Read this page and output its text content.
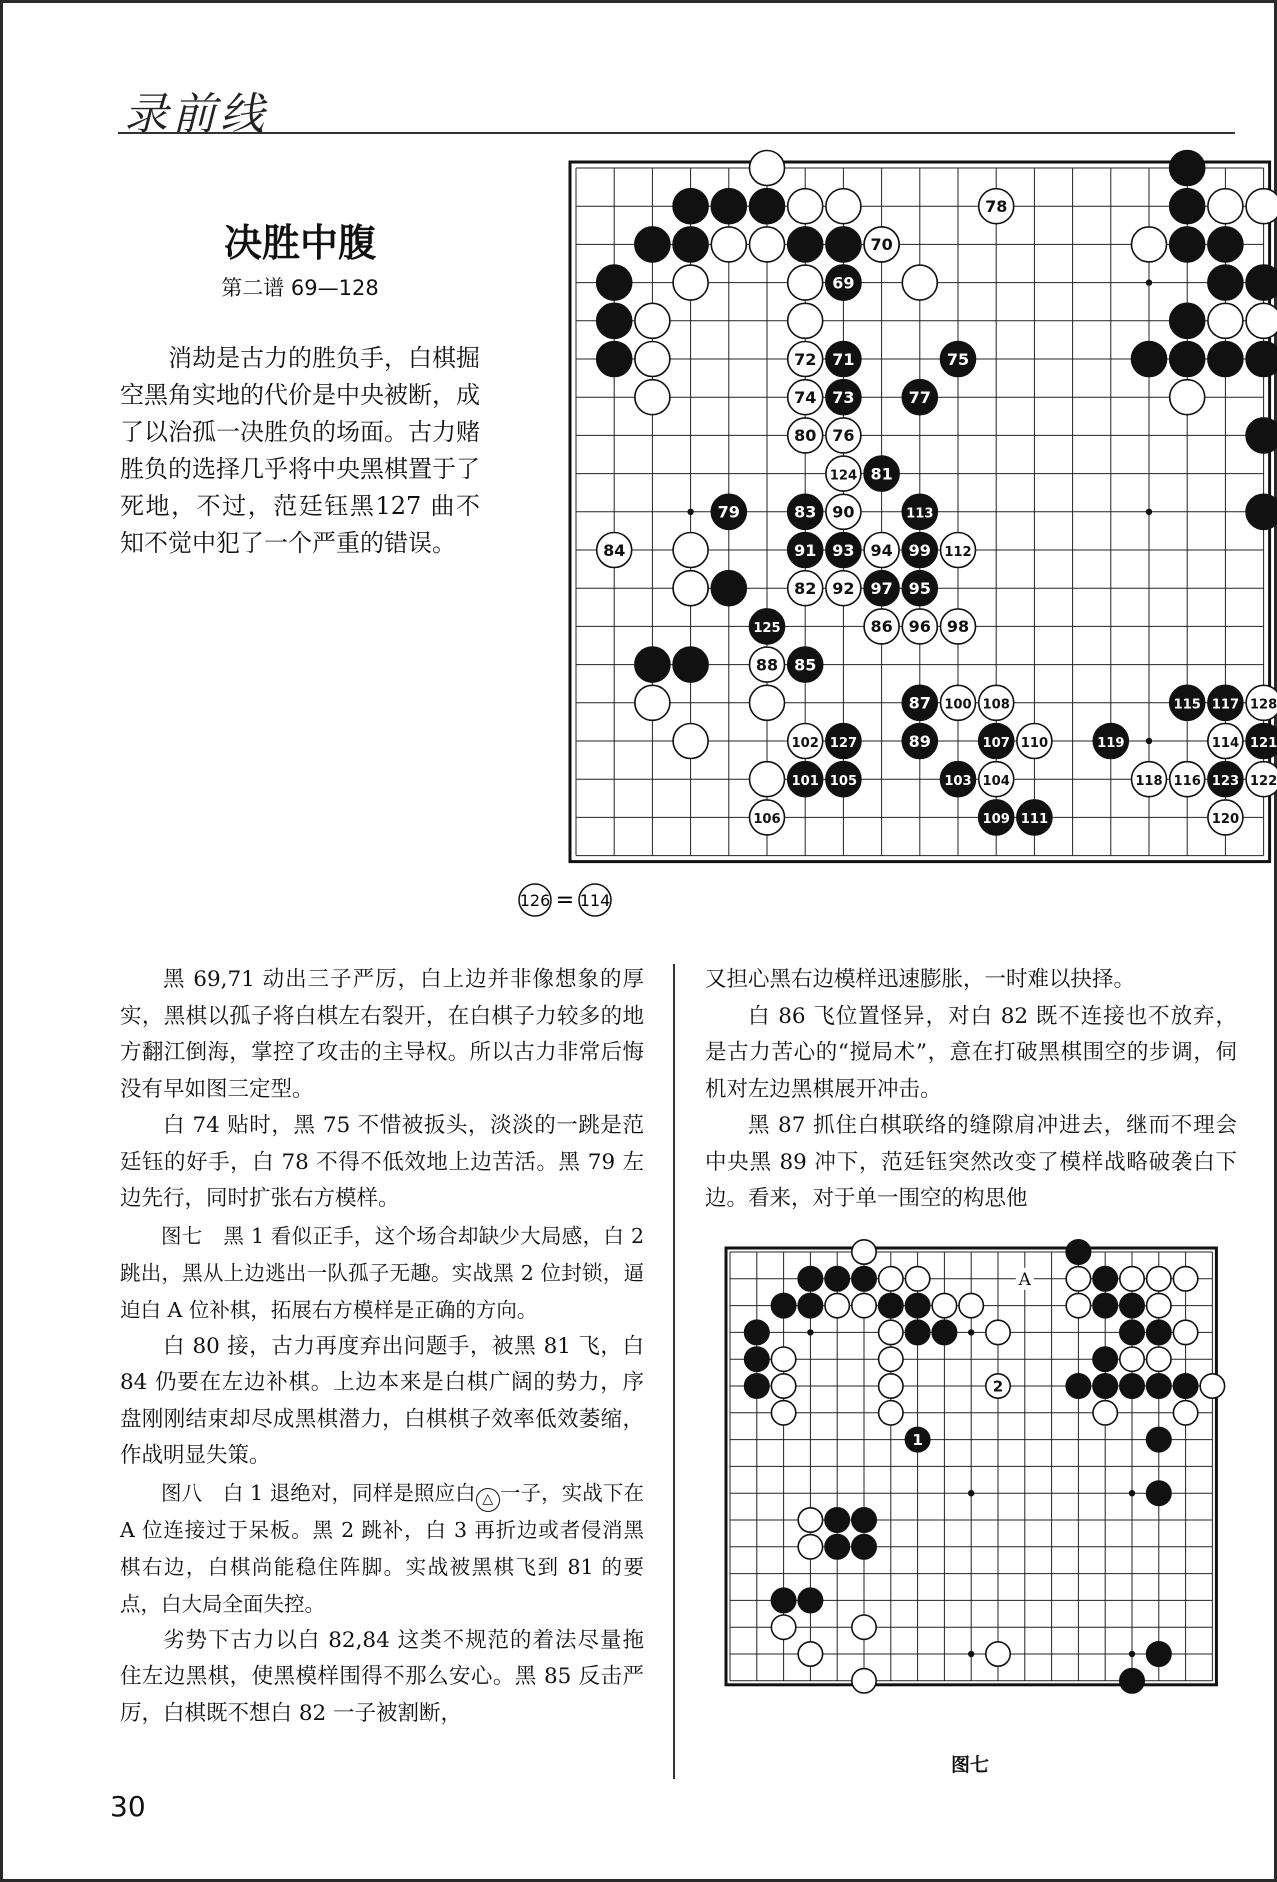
录前线
决胜中腹
第二谱 69—128

消劫是古力的胜负手，白棋掘空黑角实地的代价是中央被断，成了以治孤一决胜负的场面。古力赌胜负的选择几乎将中央黑棋置于了死地，不过，范廷钰黑127 曲不知不觉中犯了一个严重的错误。

69
70
71
72
73
74
75
76
77
78
79
80
81
82
83
84
85
86
87
88
89
90
91
92
93 94
95
96
97
98
99
100
101
102
103 104
105
106
107
108
109
110
111
112
113
114
115
116
117
118
119
120
121
122
123
124
125
127
128
126 = 114

黑 69,71 动出三子严厉，白上边并非像想象的厚实，黑棋以孤子将白棋左右裂开，在白棋子力较多的地方翻江倒海，掌控了攻击的主导权。所以古力非常后悔没有早如图三定型。

白 74 贴时，黑 75 不惜被扳头，淡淡的一跳是范廷钰的好手，白 78 不得不低效地上边苦活。黑 79 左边先行，同时扩张右方模样。

图七　黑 1 看似正手，这个场合却缺少大局感，白 2 跳出，黑从上边逃出一队孤子无趣。实战黑 2 位封锁，逼迫白 A 位补棋，拓展右方模样是正确的方向。

白 80 接，古力再度弃出问题手，被黑 81 飞，白 84 仍要在左边补棋。上边本来是白棋广阔的势力，序盘刚刚结束却尽成黑棋潜力，白棋棋子效率低效萎缩，作战明显失策。

图八　白 1 退绝对，同样是照应白 △ 一子，实战下在 A 位连接过于呆板。黑 2 跳补，白 3 再折边或者侵消黑棋右边，白棋尚能稳住阵脚。实战被黑棋飞到 81 的要点，白大局全面失控。

劣势下古力以白 82,84 这类不规范的着法尽量拖住左边黑棋，使黑模样围得不那么安心。黑 85 反击严厉，白棋既不想白 82 一子被割断，

又担心黑右边模样迅速膨胀，一时难以抉择。

白 86 飞位置怪异，对白 82 既不连接也不放弃，是古力苦心的“搅局术”，意在打破黑棋围空的步调，伺机对左边黑棋展开冲击。

黑 87 抓住白棋联络的缝隙肩冲进去，继而不理会中央黑 89 冲下，范廷钰突然改变了模样战略破袭白下边。看来，对于单一围空的构思他

1
2
A
图七
30
